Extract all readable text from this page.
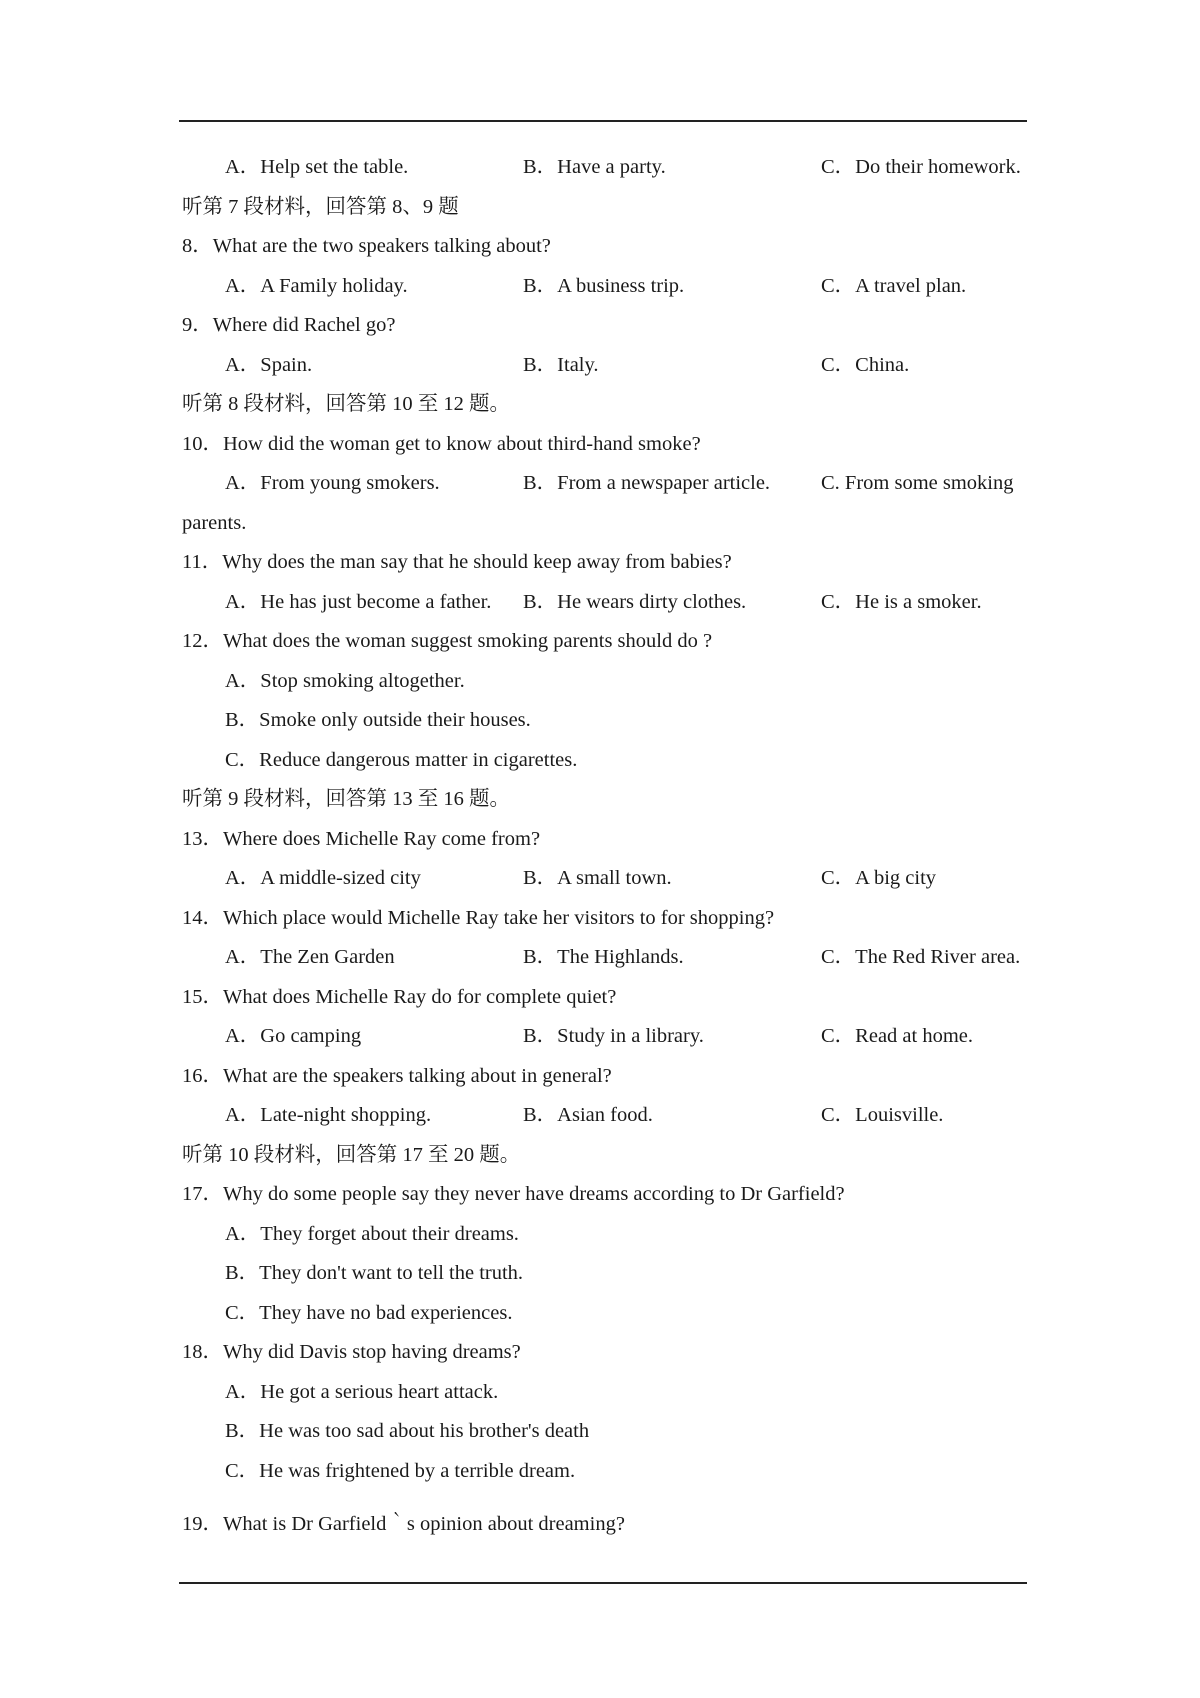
A．Help set the table.	B．Have a party.	C．Do their homework.
听第 7 段材料，回答第 8、9 题
8．What are the two speakers talking about?
A．A Family holiday.	B．A business trip.	C．A travel plan.
9．Where did Rachel go?
A．Spain.	B．Italy.	C．China.
听第 8 段材料，回答第 10 至 12 题。
10．How did the woman get to know about third-hand smoke?
A．From young smokers.	B．From a newspaper article. C. From some smoking
parents.
11．Why does the man say that he should keep away from babies?
A．He has just become a father. B．He wears dirty clothes.	C．He is a smoker.
12．What does the woman suggest smoking parents should do ?
A．Stop smoking altogether.
B．Smoke only outside their houses.
C．Reduce dangerous matter in cigarettes.
听第 9 段材料，回答第 13 至 16 题。
13．Where does Michelle Ray come from?
A．A middle-sized city	B．A small town.	C．A big city
14．Which place would Michelle Ray take her visitors to for shopping?
A．The Zen Garden	B．The Highlands.	C．The Red River area.
15．What does Michelle Ray do for complete quiet?
A．Go camping	B．Study in a library.	C．Read at home.
16．What are the speakers talking about in general?
A．Late-night shopping.	B．Asian food.	C．Louisville.
听第 10 段材料，回答第 17 至 20 题。
17．Why do some people say they never have dreams according to Dr Garfield?
A．They forget about their dreams.
B．They don't want to tell the truth.
C．They have no bad experiences.
18．Why did Davis stop having dreams?
A．He got a serious heart attack.
B．He was too sad about his brother's death
C．He was frightened by a terrible dream.
19．What is Dr Garfield｀s opinion about dreaming?
